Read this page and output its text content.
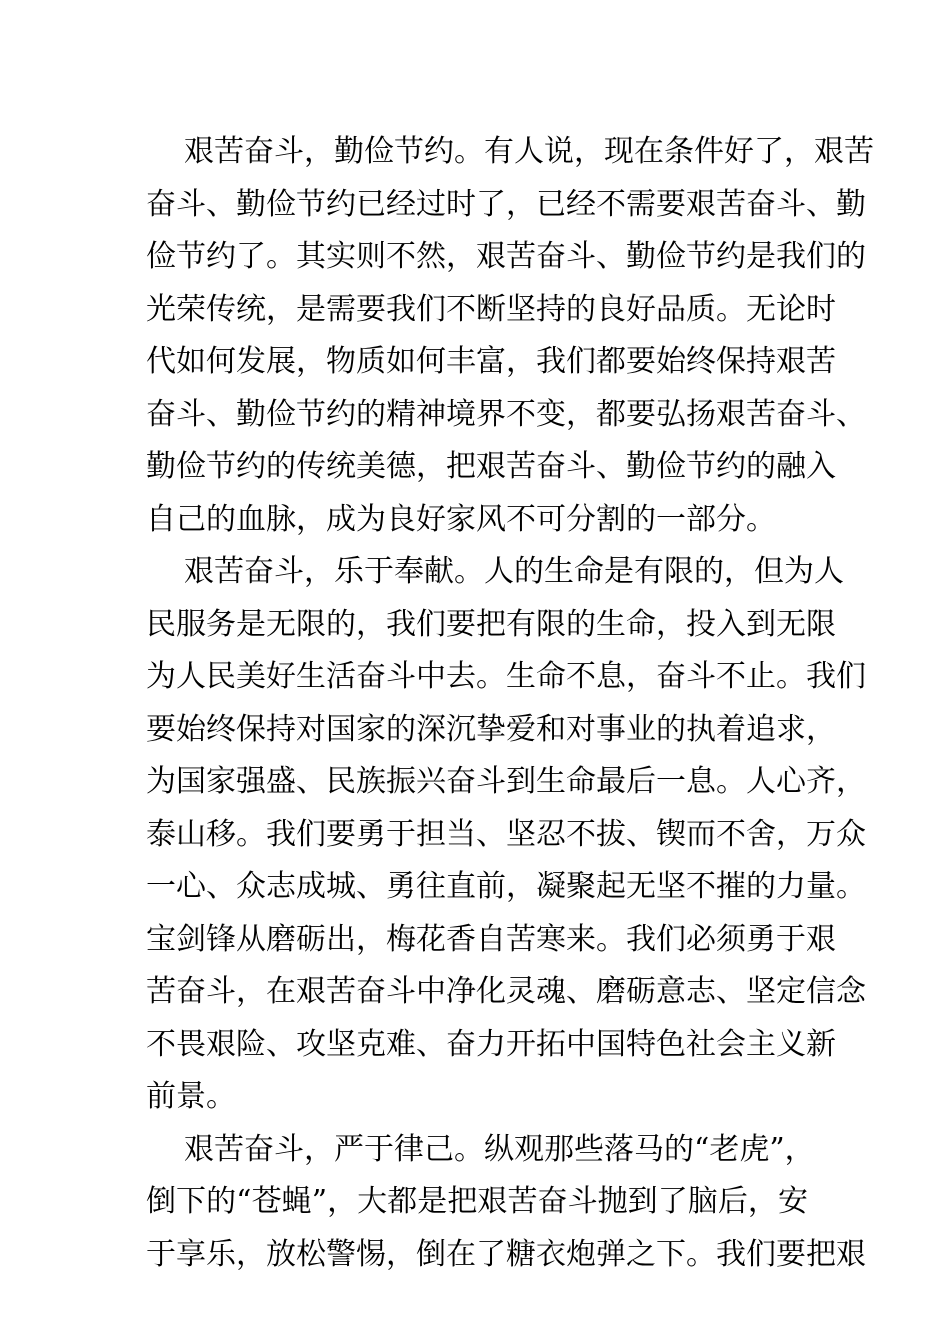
艰苦奋斗，勤俭节约。有人说，现在条件好了，艰苦
奋斗、勤俭节约已经过时了，已经不需要艰苦奋斗、勤
俭节约了。其实则不然，艰苦奋斗、勤俭节约是我们的
光荣传统，是需要我们不断坚持的良好品质。无论时
代如何发展，物质如何丰富，我们都要始终保持艰苦
奋斗、勤俭节约的精神境界不变，都要弘扬艰苦奋斗、
勤俭节约的传统美德，把艰苦奋斗、勤俭节约的融入
自己的血脉，成为良好家风不可分割的一部分。
艰苦奋斗，乐于奉献。人的生命是有限的，但为人
民服务是无限的，我们要把有限的生命，投入到无限
为人民美好生活奋斗中去。生命不息，奋斗不止。我们
要始终保持对国家的深沉挚爱和对事业的执着追求，
为国家强盛、民族振兴奋斗到生命最后一息。人心齐，
泰山移。我们要勇于担当、坚忍不拔、锲而不舍，万众
一心、众志成城、勇往直前，凝聚起无坚不摧的力量。
宝剑锋从磨砺出，梅花香自苦寒来。我们必须勇于艰
苦奋斗，在艰苦奋斗中净化灵魂、磨砺意志、坚定信念
不畏艰险、攻坚克难、奋力开拓中国特色社会主义新
前景。
艰苦奋斗，严于律己。纵观那些落马的“老虎”，
倒下的“苍蝇”，大都是把艰苦奋斗抛到了脑后，安
于享乐，放松警惕，倒在了糖衣炮弹之下。我们要把艰
